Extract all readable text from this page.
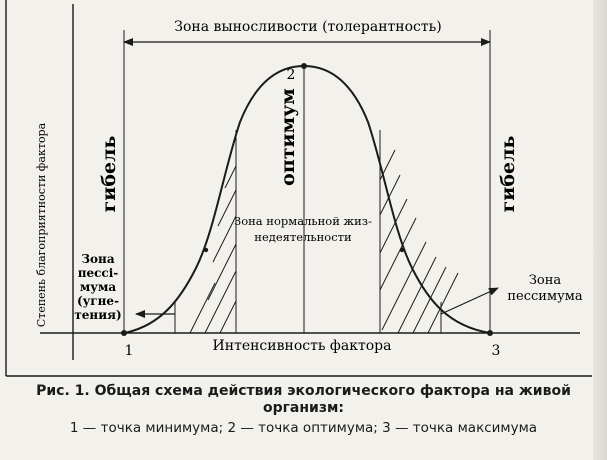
Зона выносливости (толерантность)
1
2
3
Степень благоприятности фактора
Интенсивность фактора
гибель	гибель
оптимум
Зона нормальной жиз-
недеятельности
Зона
пессі-
мума
(угне-
тения)
Зона
пессимума
Рис. 1. Общая схема действия экологического фактора на живой организм:
1 — точка минимума; 2 — точка оптимума; 3 — точка максимума
